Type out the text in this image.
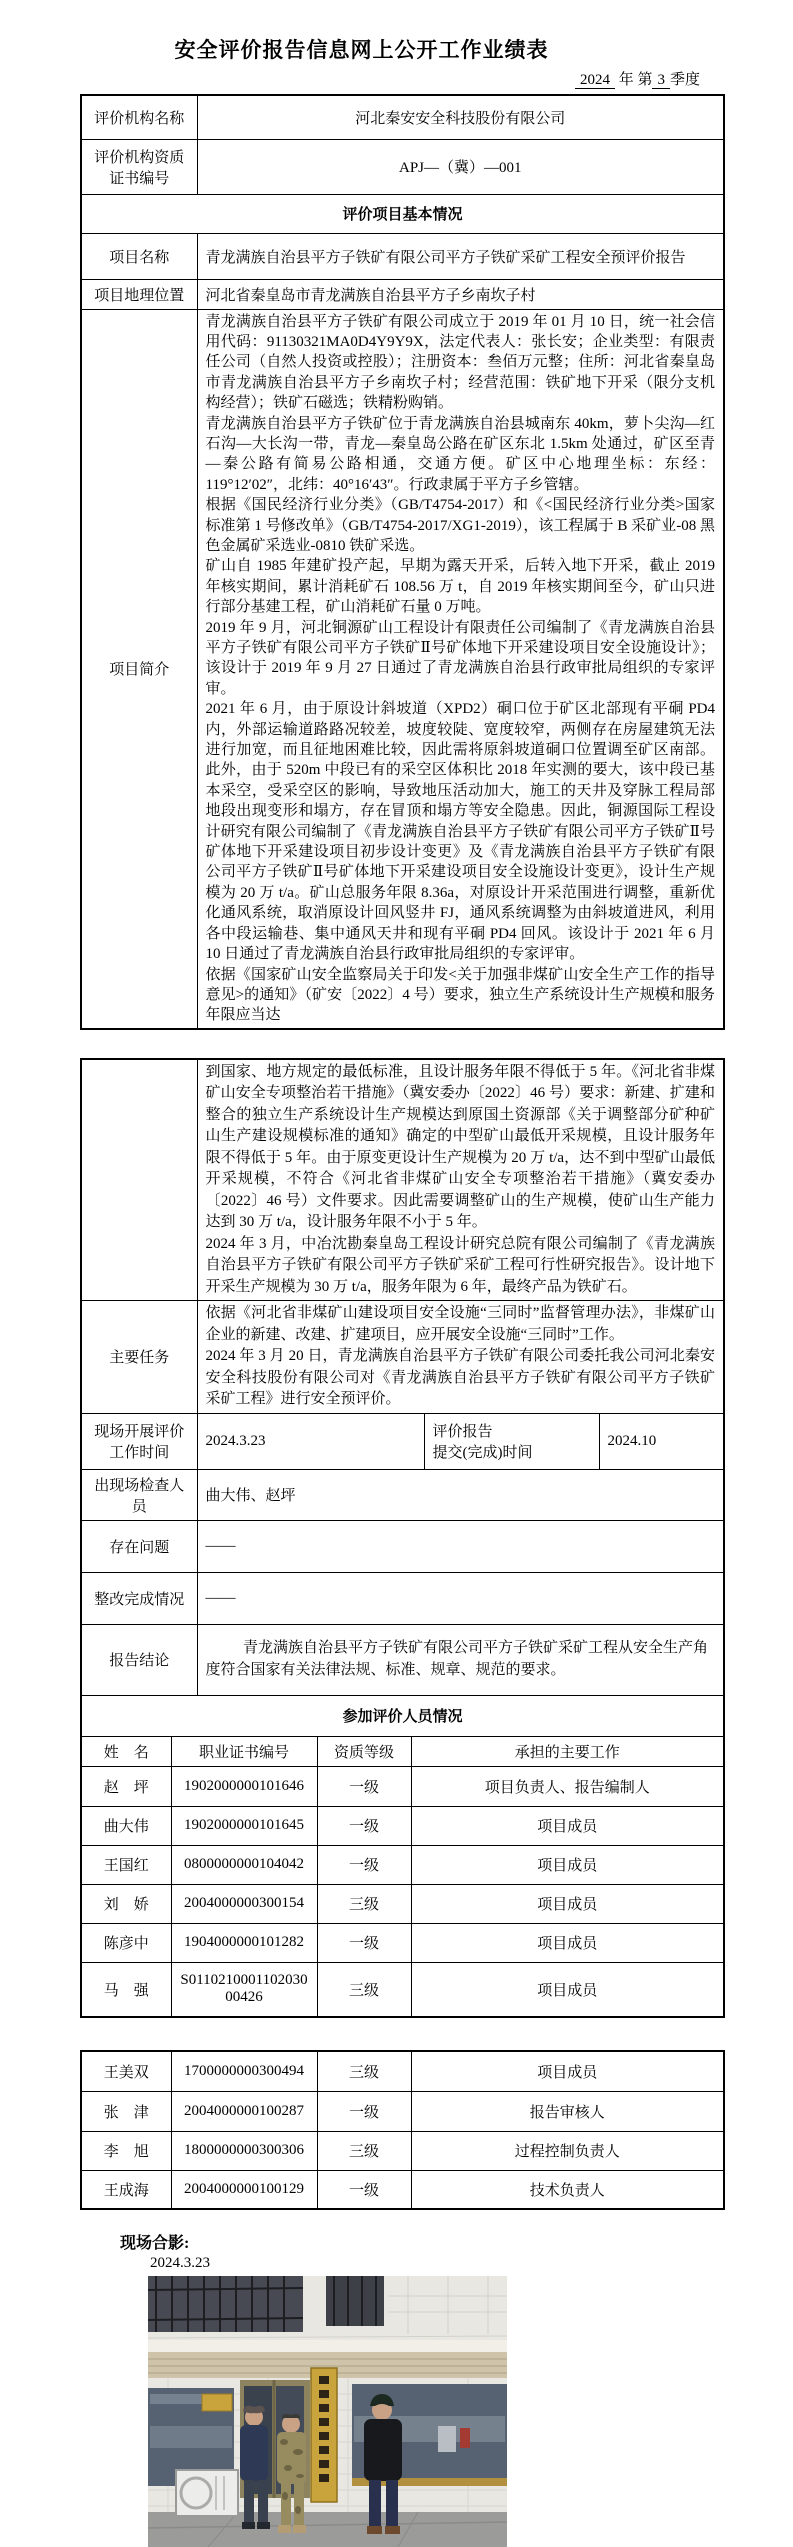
安全评价报告信息网上公开工作业绩表
2024 年 第 3 季度
评价机构名称	河北秦安安全科技股份有限公司
评价机构资质证书编号	APJ—（冀）—001
评价项目基本情况	
项目名称	青龙满族自治县平方子铁矿有限公司平方子铁矿采矿工程安全预评价报告
项目地理位置	河北省秦皇岛市青龙满族自治县平方子乡南坎子村
项目简介	
青龙满族自治县平方子铁矿有限公司成立于 2019 年 01 月 10 日，统一社会信用代码：91130321MA0D4Y9Y9X，法定代表人：张长安；企业类型：有限责任公司（自然人投资或控股）；注册资本：叁佰万元整；住所：河北省秦皇岛市青龙满族自治县平方子乡南坎子村；经营范围：铁矿地下开采（限分支机构经营）；铁矿石磁选；铁精粉购销。
青龙满族自治县平方子铁矿位于青龙满族自治县城南东 40km，萝卜尖沟—红石沟—大长沟一带，青龙—秦皇岛公路在矿区东北 1.5km 处通过，矿区至青—秦公路有简易公路相通，交通方便。矿区中心地理坐标：东经：119°12′02″，北纬：40°16′43″。行政隶属于平方子乡管辖。
根据《国民经济行业分类》（GB/T4754-2017）和《<国民经济行业分类>国家标准第 1 号修改单》（GB/T4754-2017/XG1-2019），该工程属于 B 采矿业-08 黑色金属矿采选业-0810 铁矿采选。
矿山自 1985 年建矿投产起，早期为露天开采，后转入地下开采，截止 2019 年核实期间，累计消耗矿石 108.56 万 t，自 2019 年核实期间至今，矿山只进行部分基建工程，矿山消耗矿石量 0 万吨。
2019 年 9 月，河北铜源矿山工程设计有限责任公司编制了《青龙满族自治县平方子铁矿有限公司平方子铁矿Ⅱ号矿体地下开采建设项目安全设施设计》；该设计于 2019 年 9 月 27 日通过了青龙满族自治县行政审批局组织的专家评审。
2021 年 6 月，由于原设计斜坡道（XPD2）硐口位于矿区北部现有平硐 PD4 内，外部运输道路路况较差，坡度较陡、宽度较窄，两侧存在房屋建筑无法进行加宽，而且征地困难比较，因此需将原斜坡道硐口位置调至矿区南部。此外，由于 520m 中段已有的采空区体积比 2018 年实测的要大，该中段已基本采空，受采空区的影响，导致地压活动加大，施工的天井及穿脉工程局部地段出现变形和塌方，存在冒顶和塌方等安全隐患。因此，铜源国际工程设计研究有限公司编制了《青龙满族自治县平方子铁矿有限公司平方子铁矿Ⅱ号矿体地下开采建设项目初步设计变更》及《青龙满族自治县平方子铁矿有限公司平方子铁矿Ⅱ号矿体地下开采建设项目安全设施设计变更》，设计生产规模为 20 万 t/a。矿山总服务年限 8.36a，对原设计开采范围进行调整，重新优化通风系统，取消原设计回风竖井 FJ，通风系统调整为由斜坡道进风，利用各中段运输巷、集中通风天井和现有平硐 PD4 回风。该设计于 2021 年 6 月 10 日通过了青龙满族自治县行政审批局组织的专家评审。
依据《国家矿山安全监察局关于印发<关于加强非煤矿山安全生产工作的指导意见>的通知》（矿安〔2022〕4 号）要求，独立生产系统设计生产规模和服务年限应当达

		到国家、地方规定的最低标准，且设计服务年限不得低于 5 年。《河北省非煤矿山安全专项整治若干措施》（冀安委办〔2022〕46 号）要求：新建、扩建和整合的独立生产系统设计生产规模达到原国土资源部《关于调整部分矿种矿山生产建设规模标准的通知》确定的中型矿山最低开采规模，且设计服务年限不得低于 5 年。由于原变更设计生产规模为 20 万 t/a，达不到中型矿山最低开采规模，不符合《河北省非煤矿山安全专项整治若干措施》（冀安委办〔2022〕46 号）文件要求。因此需要调整矿山的生产规模，使矿山生产能力达到 30 万 t/a，设计服务年限不小于 5 年。
2024 年 3 月，中冶沈勘秦皇岛工程设计研究总院有限公司编制了《青龙满族自治县平方子铁矿有限公司平方子铁矿采矿工程可行性研究报告》。设计地下开采生产规模为 30 万 t/a，服务年限为 6 年，最终产品为铁矿石。				

主要任务		依据《河北省非煤矿山建设项目安全设施“三同时”监督管理办法》，非煤矿山企业的新建、改建、扩建项目，应开展安全设施“三同时”工作。
2024 年 3 月 20 日，青龙满族自治县平方子铁矿有限公司委托我公司河北秦安安全科技股份有限公司对《青龙满族自治县平方子铁矿有限公司平方子铁矿采矿工程》进行安全预评价。				

现场开展评价工作时间		2024.3.23			评价报告
提交(完成)时间	2024.10
出现场检查人员		曲大伟、赵坪				
存在问题		——				
整改完成情况		——				
报告结论		青龙满族自治县平方子铁矿有限公司平方子铁矿采矿工程从安全生产角度符合国家有关法律法规、标准、规章、规范的要求。				
参加评价人员情况						
姓　名	职业证书编号		资质等级	承担的主要工作		
赵　坪	1902000000101646		一级	项目负责人、报告编制人		
曲大伟	1902000000101645		一级	项目成员		
王国红	0800000000104042		一级	项目成员		
刘　娇	2004000000300154		三级	项目成员		
陈彦中	1904000000101282		一级	项目成员		
马　强	S011021000110203000426		三级	项目成员		
王美双	1700000000300494	三级	项目成员
张　津	2004000000100287	一级	报告审核人
李　旭	1800000000300306	三级	过程控制负责人
王成海	2004000000100129	一级	技术负责人
现场合影:
2024.3.23
